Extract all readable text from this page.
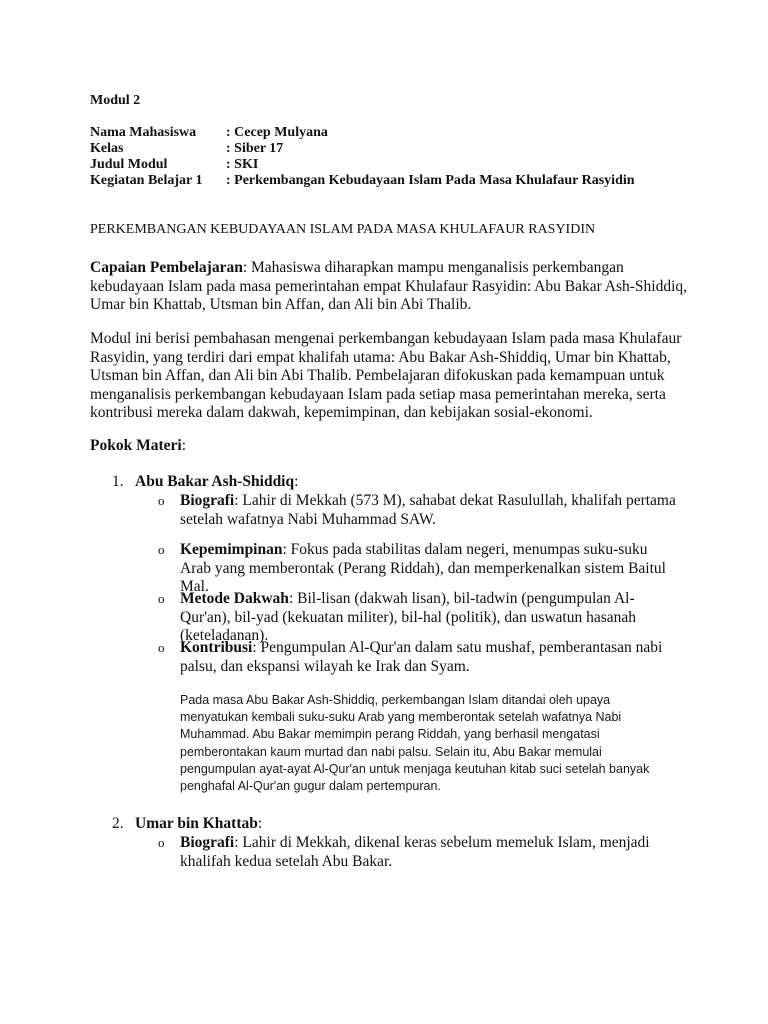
Modul 2

Nama Mahasiswa	: Cecep Mulyana
Kelas	: Siber 17
Judul Modul	: SKI
Kegiatan Belajar 1	: Perkembangan Kebudayaan Islam Pada Masa Khulafaur Rasyidin

PERKEMBANGAN KEBUDAYAAN ISLAM PADA MASA KHULAFAUR RASYIDIN

Capaian Pembelajaran: Mahasiswa diharapkan mampu menganalisis perkembangan kebudayaan Islam pada masa pemerintahan empat Khulafaur Rasyidin: Abu Bakar Ash-Shiddiq, Umar bin Khattab, Utsman bin Affan, dan Ali bin Abi Thalib.

Modul ini berisi pembahasan mengenai perkembangan kebudayaan Islam pada masa Khulafaur Rasyidin, yang terdiri dari empat khalifah utama: Abu Bakar Ash-Shiddiq, Umar bin Khattab, Utsman bin Affan, dan Ali bin Abi Thalib. Pembelajaran difokuskan pada kemampuan untuk menganalisis perkembangan kebudayaan Islam pada setiap masa pemerintahan mereka, serta kontribusi mereka dalam dakwah, kepemimpinan, dan kebijakan sosial-ekonomi.

Pokok Materi:

1. Abu Bakar Ash-Shiddiq:

o Biografi: Lahir di Mekkah (573 M), sahabat dekat Rasulullah, khalifah pertama setelah wafatnya Nabi Muhammad SAW.

o Kepemimpinan: Fokus pada stabilitas dalam negeri, menumpas suku-suku Arab yang memberontak (Perang Riddah), dan memperkenalkan sistem Baitul Mal.

o Metode Dakwah: Bil-lisan (dakwah lisan), bil-tadwin (pengumpulan Al-Qur'an), bil-yad (kekuatan militer), bil-hal (politik), dan uswatun hasanah (keteladanan).

o Kontribusi: Pengumpulan Al-Qur'an dalam satu mushaf, pemberantasan nabi palsu, dan ekspansi wilayah ke Irak dan Syam.

Pada masa Abu Bakar Ash-Shiddiq, perkembangan Islam ditandai oleh upaya menyatukan kembali suku-suku Arab yang memberontak setelah wafatnya Nabi Muhammad. Abu Bakar memimpin perang Riddah, yang berhasil mengatasi pemberontakan kaum murtad dan nabi palsu. Selain itu, Abu Bakar memulai pengumpulan ayat-ayat Al-Qur'an untuk menjaga keutuhan kitab suci setelah banyak penghafal Al-Qur'an gugur dalam pertempuran.

2. Umar bin Khattab:

o Biografi: Lahir di Mekkah, dikenal keras sebelum memeluk Islam, menjadi khalifah kedua setelah Abu Bakar.
